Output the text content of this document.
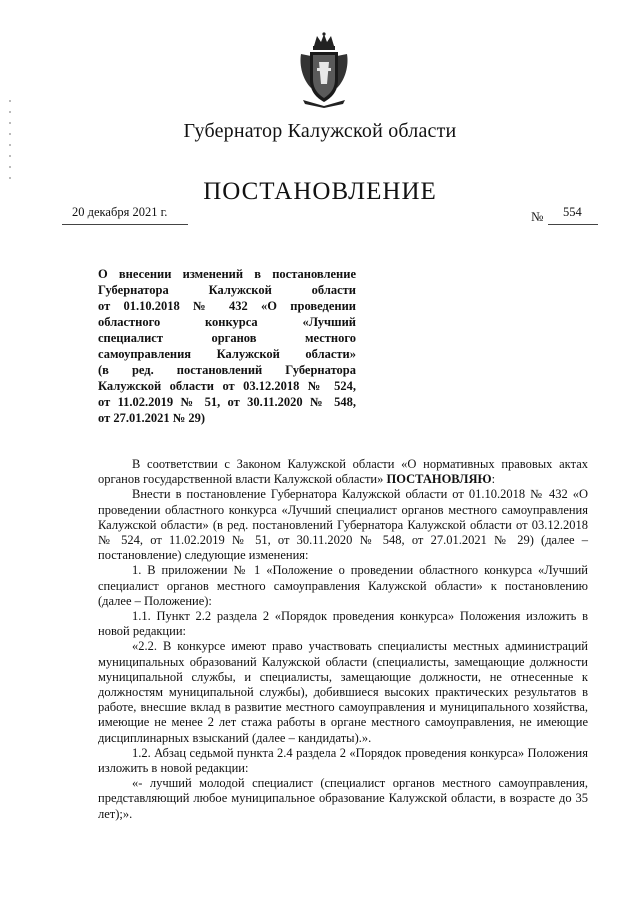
Губернатор Калужской области
ПОСТАНОВЛЕНИЕ
20 декабря 2021 г.	№ 554
О внесении изменений в постановление
Губернатора Калужской области
от 01.10.2018 № 432 «О проведении
областного конкурса «Лучший
специалист органов местного
самоуправления Калужской области»
(в ред. постановлений Губернатора
Калужской области от 03.12.2018 № 524,
от 11.02.2019 № 51, от 30.11.2020 № 548,
от 27.01.2021 № 29)
В соответствии с Законом Калужской области «О нормативных правовых актах органов государственной власти Калужской области» ПОСТАНОВЛЯЮ:
Внести в постановление Губернатора Калужской области от 01.10.2018 № 432 «О проведении областного конкурса «Лучший специалист органов местного самоуправления Калужской области» (в ред. постановлений Губернатора Калужской области от 03.12.2018 № 524, от 11.02.2019 № 51, от 30.11.2020 № 548, от 27.01.2021 № 29) (далее – постановление) следующие изменения:
1. В приложении № 1 «Положение о проведении областного конкурса «Лучший специалист органов местного самоуправления Калужской области» к постановлению (далее – Положение):
1.1. Пункт 2.2 раздела 2 «Порядок проведения конкурса» Положения изложить в новой редакции:
«2.2. В конкурсе имеют право участвовать специалисты местных администраций муниципальных образований Калужской области (специалисты, замещающие должности муниципальной службы, и специалисты, замещающие должности, не отнесенные к должностям муниципальной службы), добившиеся высоких практических результатов в работе, внесшие вклад в развитие местного самоуправления и муниципального хозяйства, имеющие не менее 2 лет стажа работы в органе местного самоуправления, не имеющие дисциплинарных взысканий (далее – кандидаты).».
1.2. Абзац седьмой пункта 2.4 раздела 2 «Порядок проведения конкурса» Положения изложить в новой редакции:
«- лучший молодой специалист (специалист органов местного самоуправления, представляющий любое муниципальное образование Калужской области, в возрасте до 35 лет);».
